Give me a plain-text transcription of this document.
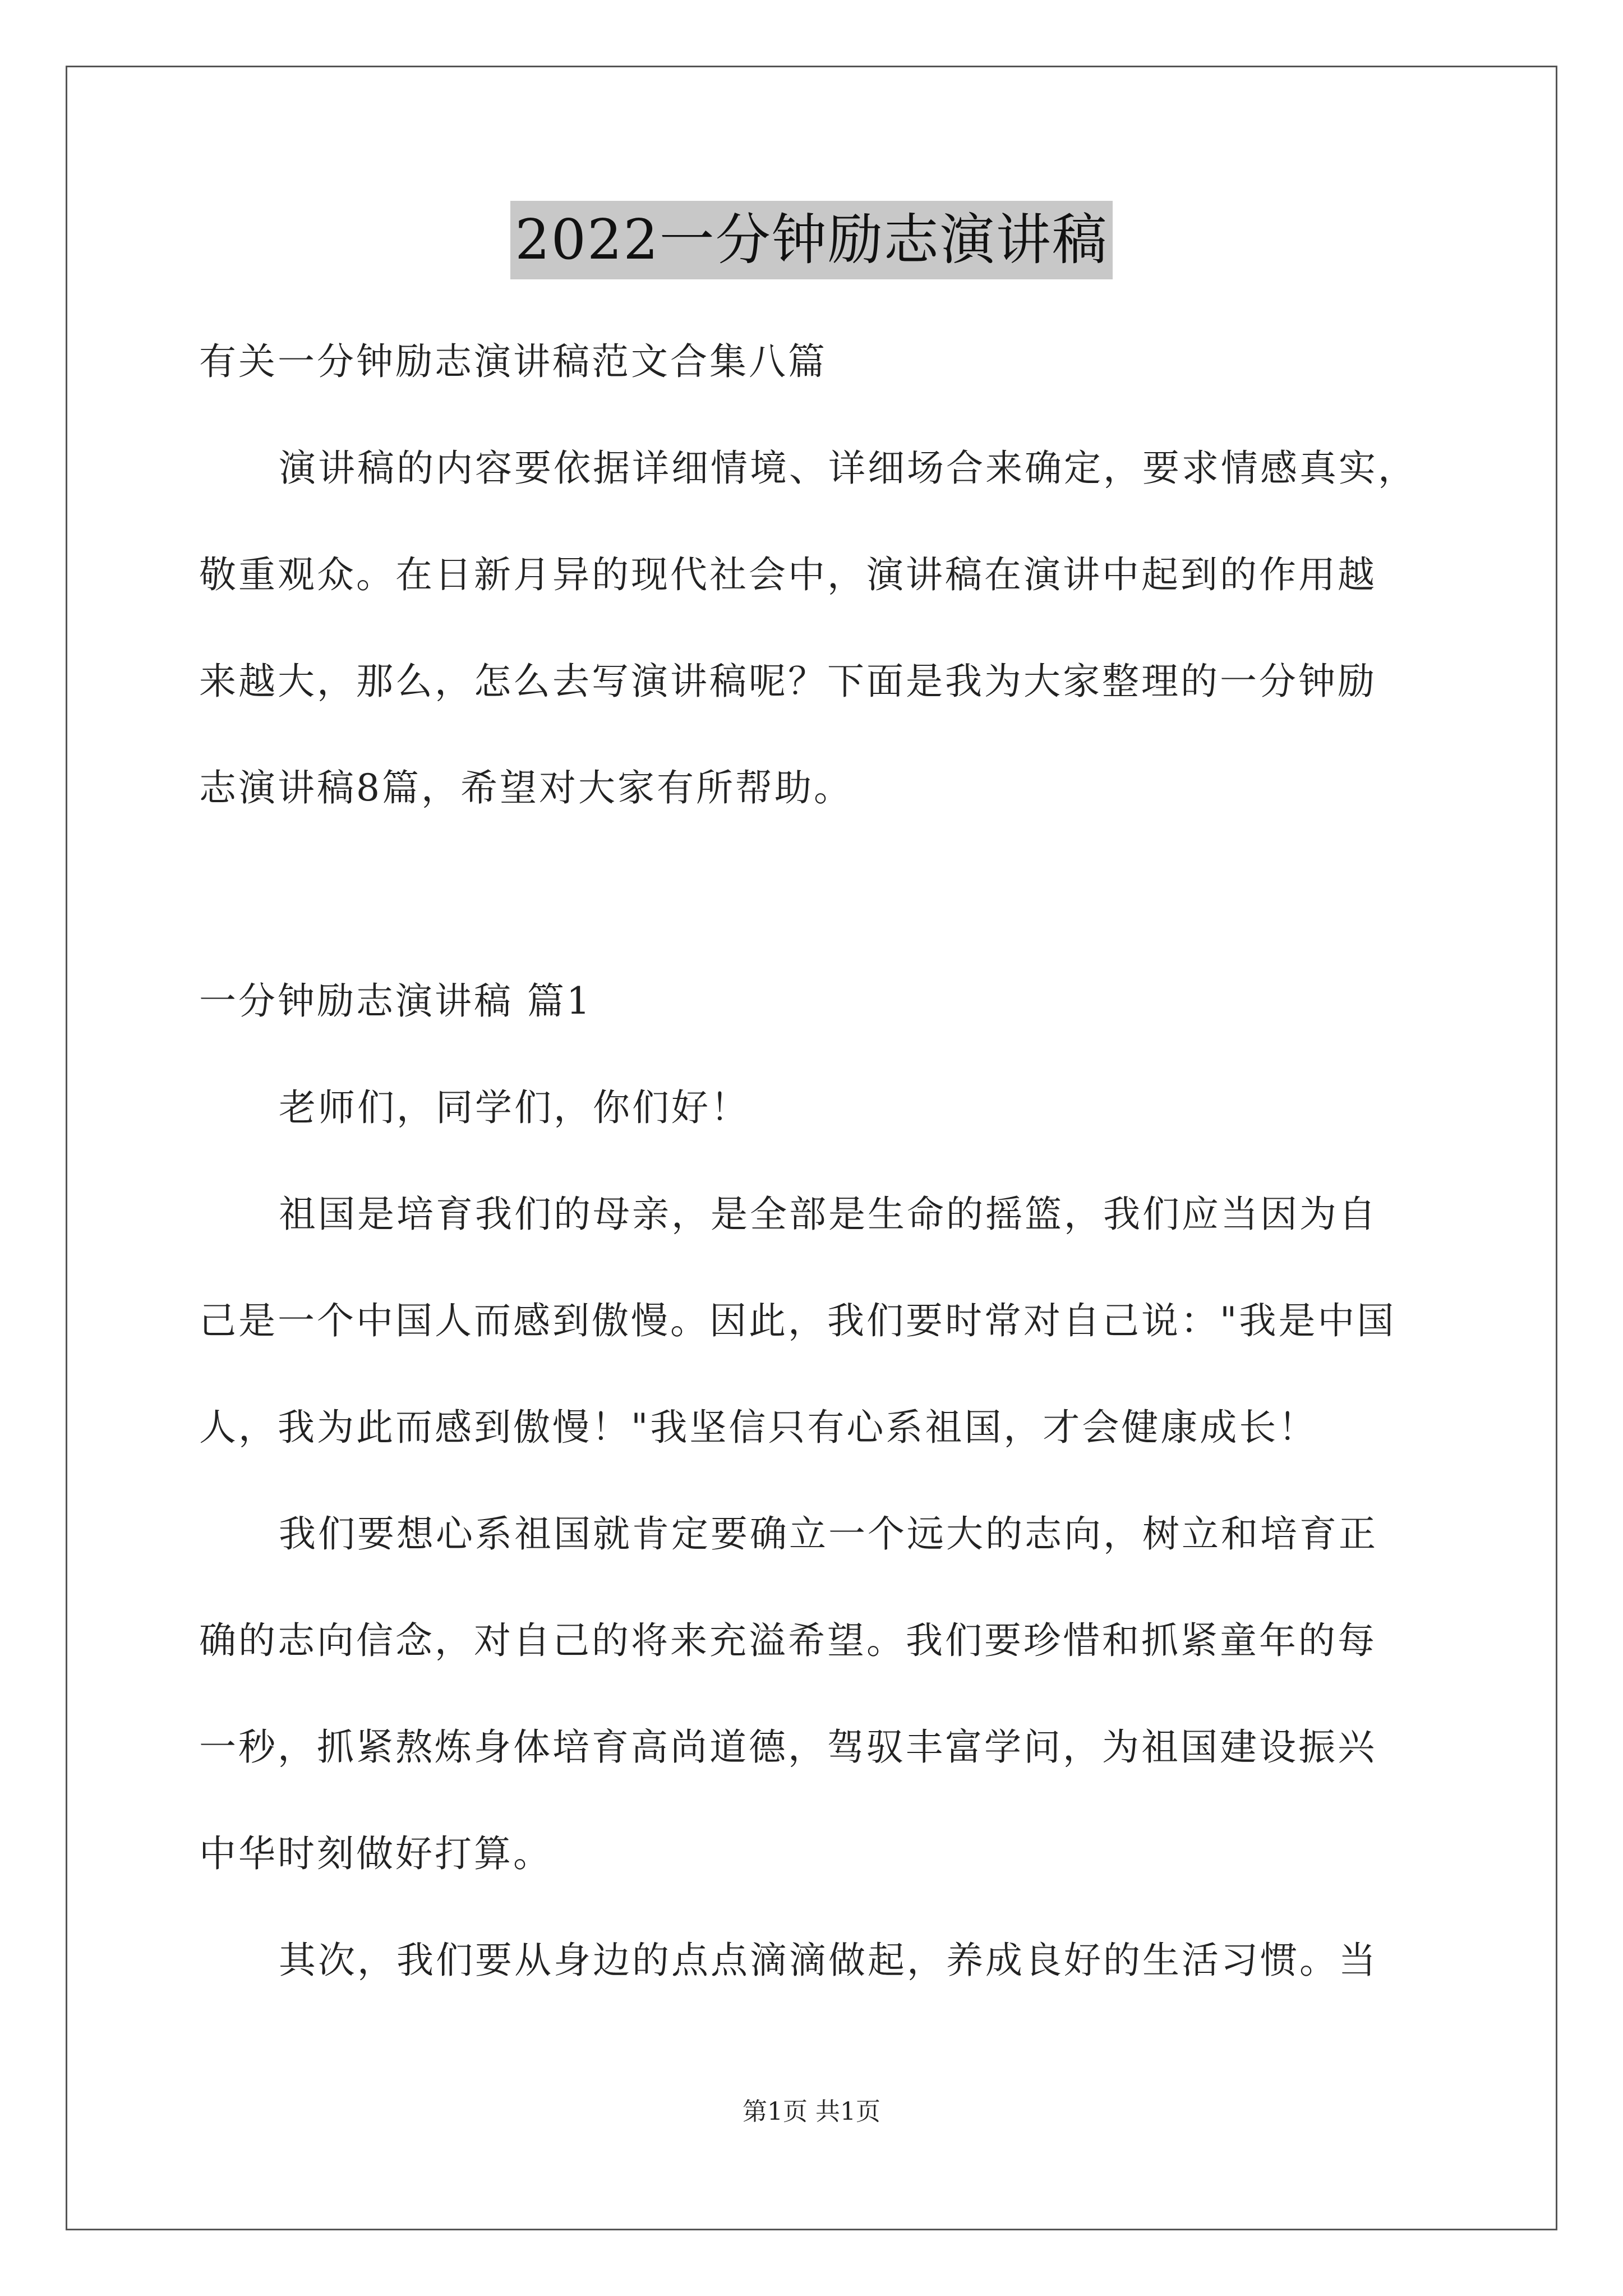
2022一分钟励志演讲稿
有关一分钟励志演讲稿范文合集八篇
演讲稿的内容要依据详细情境、详细场合来确定，要求情感真实，
敬重观众。在日新月异的现代社会中，演讲稿在演讲中起到的作用越
来越大，那么，怎么去写演讲稿呢？下面是我为大家整理的一分钟励
志演讲稿8篇，希望对大家有所帮助。
一分钟励志演讲稿 篇1
老师们，同学们，你们好！
祖国是培育我们的母亲，是全部是生命的摇篮，我们应当因为自
己是一个中国人而感到傲慢。因此，我们要时常对自己说："我是中国
人，我为此而感到傲慢！"我坚信只有心系祖国，才会健康成长！
我们要想心系祖国就肯定要确立一个远大的志向，树立和培育正
确的志向信念，对自己的将来充溢希望。我们要珍惜和抓紧童年的每
一秒，抓紧熬炼身体培育高尚道德，驾驭丰富学问，为祖国建设振兴
中华时刻做好打算。
其次，我们要从身边的点点滴滴做起，养成良好的生活习惯。当
第1页 共1页
